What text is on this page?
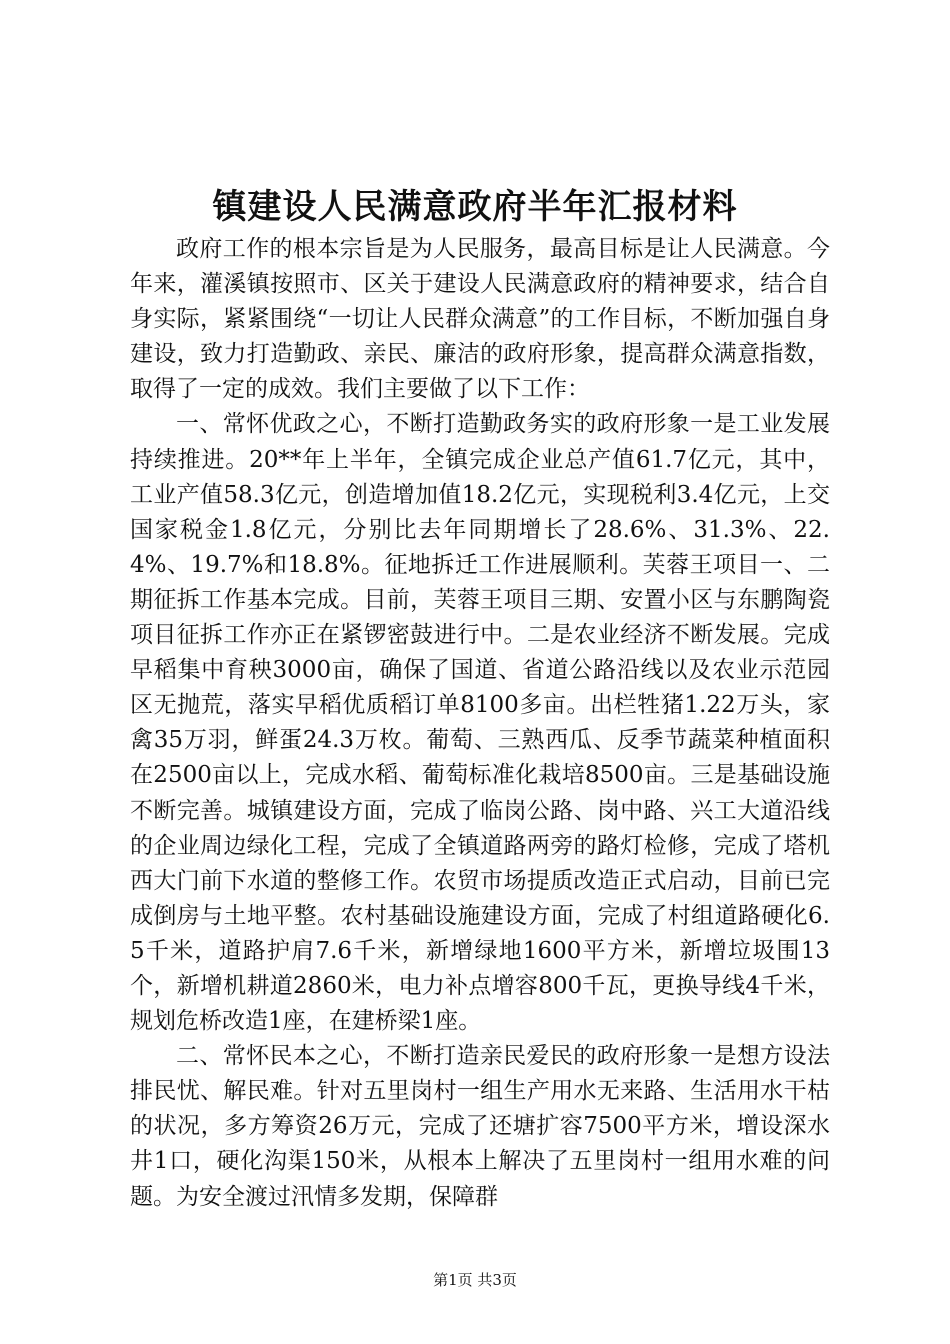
镇建设人民满意政府半年汇报材料

政府工作的根本宗旨是为人民服务，最高目标是让人民满意。今年来，灌溪镇按照市、区关于建设人民满意政府的精神要求，结合自身实际，紧紧围绕“一切让人民群众满意”的工作目标，不断加强自身建设，致力打造勤政、亲民、廉洁的政府形象，提高群众满意指数，取得了一定的成效。我们主要做了以下工作：

一、常怀优政之心，不断打造勤政务实的政府形象一是工业发展持续推进。20**年上半年，全镇完成企业总产值61.7亿元，其中，工业产值58.3亿元，创造增加值18.2亿元，实现税利3.4亿元，上交国家税金1.8亿元，分别比去年同期增长了28.6%、31.3%、22.4%、19.7%和18.8%。征地拆迁工作进展顺利。芙蓉王项目一、二期征拆工作基本完成。目前，芙蓉王项目三期、安置小区与东鹏陶瓷项目征拆工作亦正在紧锣密鼓进行中。二是农业经济不断发展。完成早稻集中育秧3000亩，确保了国道、省道公路沿线以及农业示范园区无抛荒，落实早稻优质稻订单8100多亩。出栏牲猪1.22万头，家禽35万羽，鲜蛋24.3万枚。葡萄、三熟西瓜、反季节蔬菜种植面积在2500亩以上，完成水稻、葡萄标准化栽培8500亩。三是基础设施不断完善。城镇建设方面，完成了临岗公路、岗中路、兴工大道沿线的企业周边绿化工程，完成了全镇道路两旁的路灯检修，完成了塔机西大门前下水道的整修工作。农贸市场提质改造正式启动，目前已完成倒房与土地平整。农村基础设施建设方面，完成了村组道路硬化6.5千米，道路护肩7.6千米，新增绿地1600平方米，新增垃圾围13个，新增机耕道2860米，电力补点增容800千瓦，更换导线4千米，规划危桥改造1座，在建桥梁1座。

二、常怀民本之心，不断打造亲民爱民的政府形象一是想方设法排民忧、解民难。针对五里岗村一组生产用水无来路、生活用水干枯的状况，多方筹资26万元，完成了还塘扩容7500平方米，增设深水井1口，硬化沟渠150米，从根本上解决了五里岗村一组用水难的问题。为安全渡过汛情多发期，保障群

第1页 共3页
